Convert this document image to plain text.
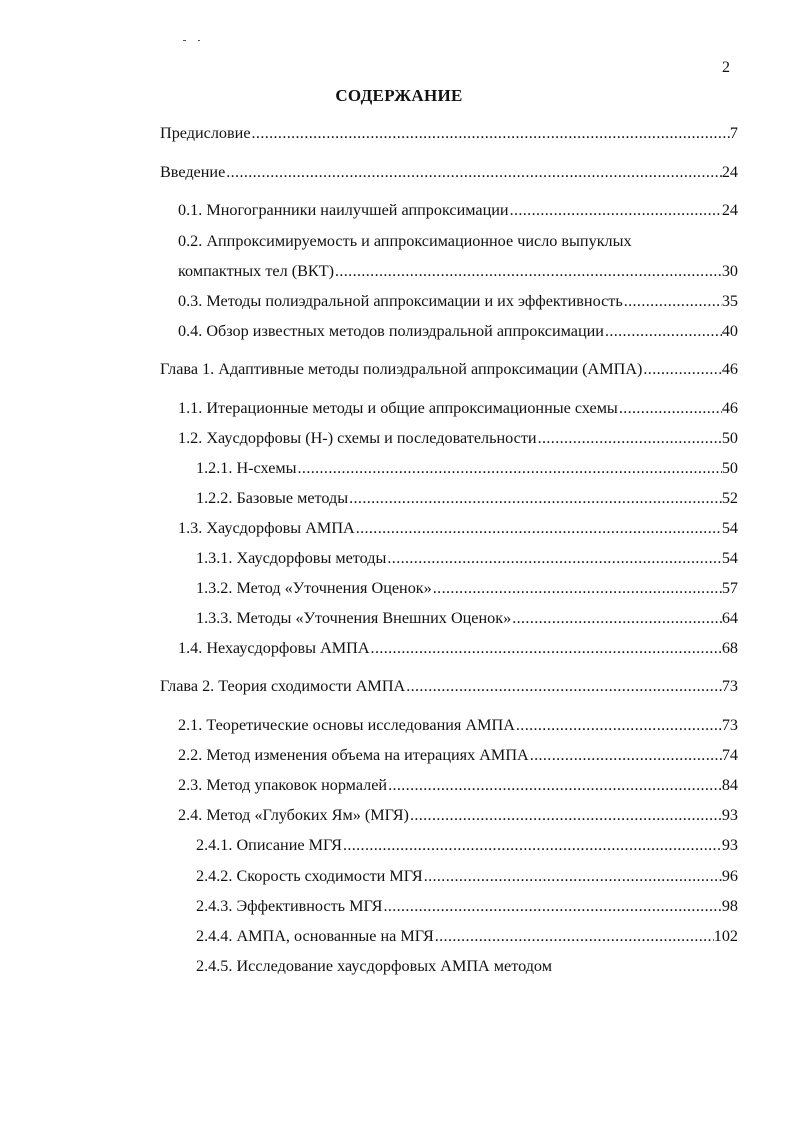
2
СОДЕРЖАНИЕ
Предисловие .....	7
Введение .....	24
0.1. Многогранники наилучшей аппроксимации .....	24
0.2. Аппроксимируемость и аппроксимационное число выпуклых
компактных тел (ВКТ) .....	30
0.3. Методы полиэдральной аппроксимации и их эффективность .....	35
0.4. Обзор известных методов полиэдральной аппроксимации .....	40
Глава 1. Адаптивные методы полиэдральной аппроксимации (АМПА) .....	46
1.1. Итерационные методы и общие аппроксимационные схемы .....	46
1.2. Хаусдорфовы (H-) схемы и последовательности .....	50
1.2.1. H-схемы .....	50
1.2.2. Базовые методы .....	52
1.3. Хаусдорфовы АМПА .....	54
1.3.1. Хаусдорфовы методы .....	54
1.3.2. Метод «Уточнения Оценок» .....	57
1.3.3. Методы «Уточнения Внешних Оценок» .....	64
1.4. Нехаусдорфовы АМПА .....	68
Глава 2. Теория сходимости АМПА .....	73
2.1. Теоретические основы исследования АМПА .....	73
2.2. Метод изменения объема на итерациях АМПА .....	74
2.3. Метод упаковок нормалей .....	84
2.4. Метод «Глубоких Ям» (МГЯ) .....	93
2.4.1. Описание МГЯ .....	93
2.4.2. Скорость сходимости МГЯ .....	96
2.4.3. Эффективность МГЯ .....	98
2.4.4. АМПА, основанные на МГЯ .....	102
2.4.5. Исследование хаусдорфовых АМПА методом
